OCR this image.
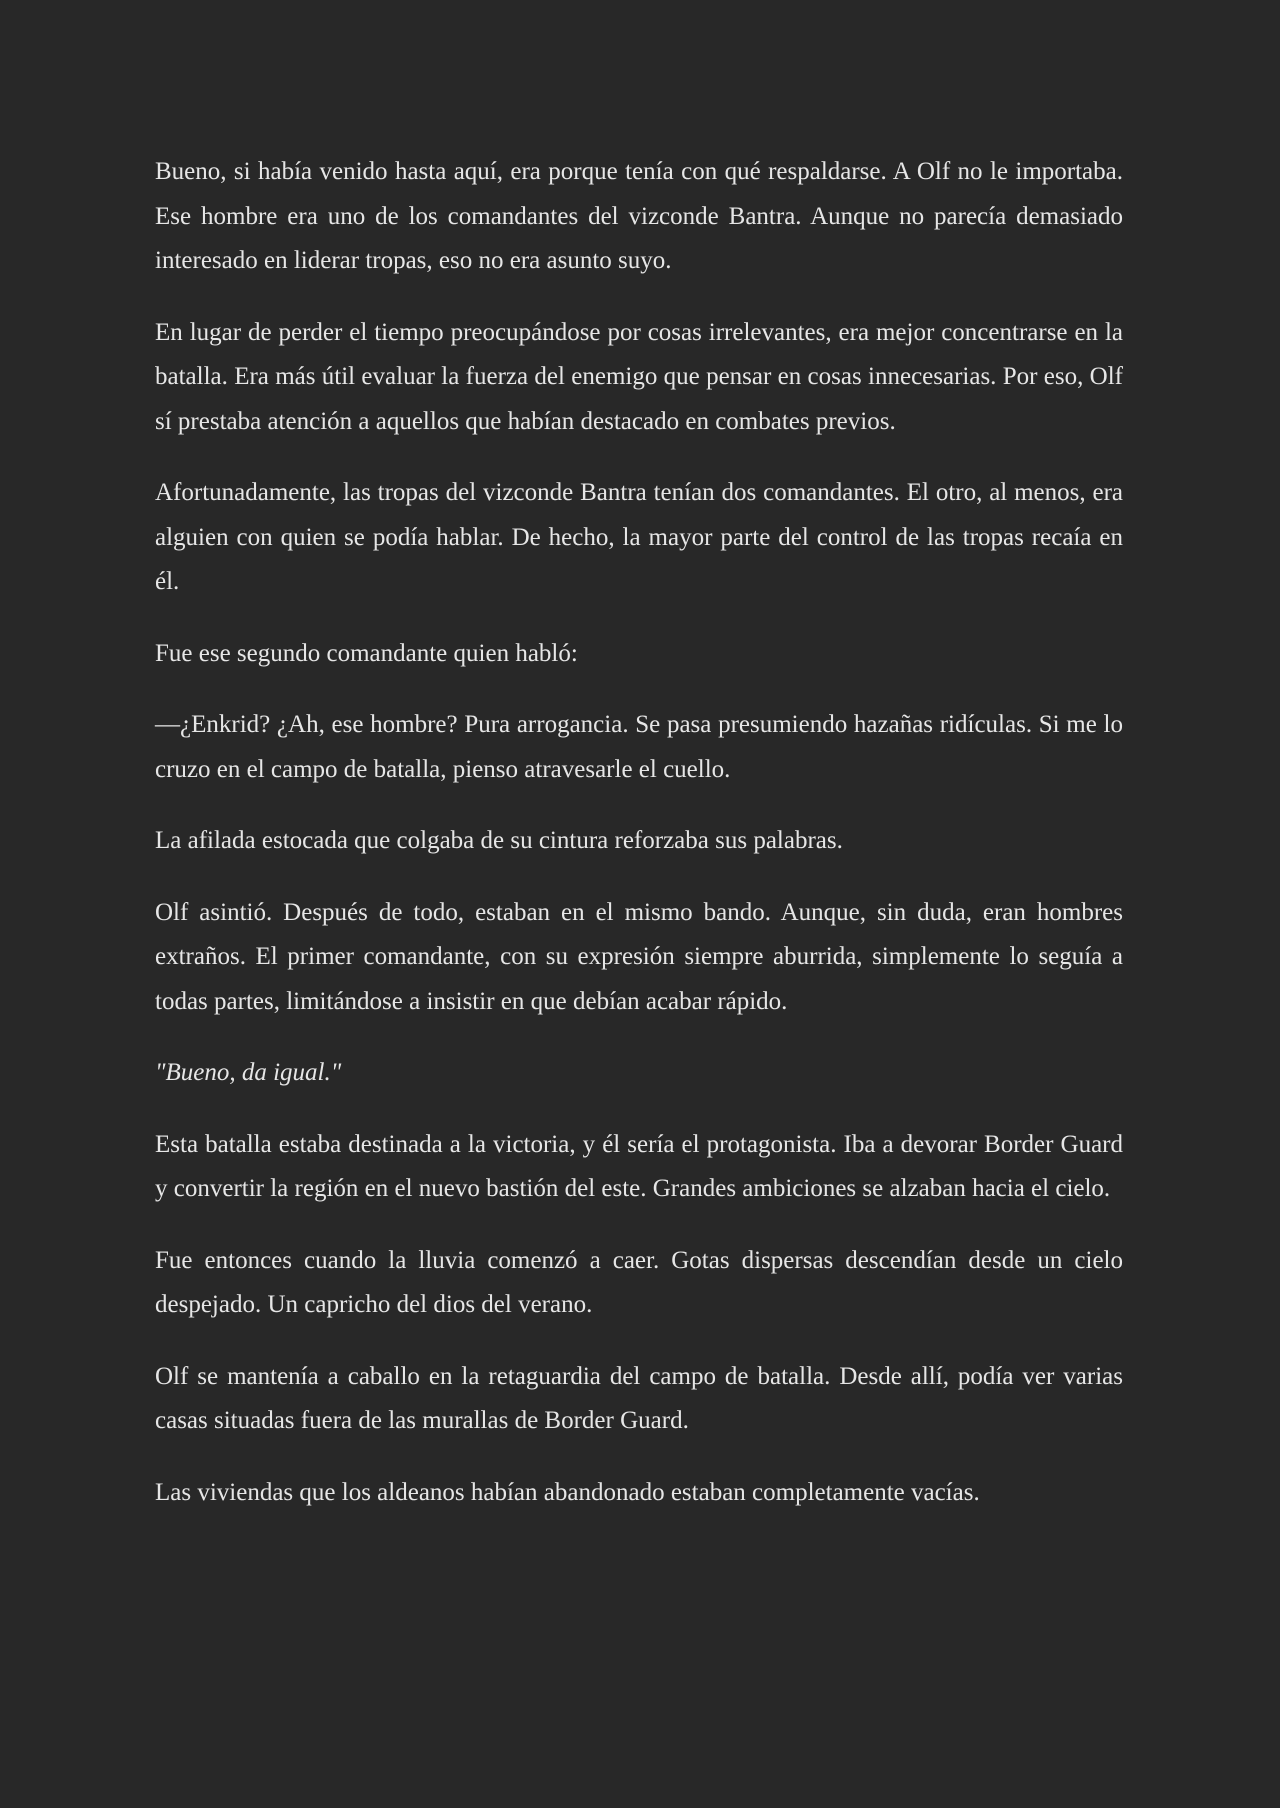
Bueno, si había venido hasta aquí, era porque tenía con qué respaldarse. A Olf no le importaba. Ese hombre era uno de los comandantes del vizconde Bantra. Aunque no parecía demasiado interesado en liderar tropas, eso no era asunto suyo.

En lugar de perder el tiempo preocupándose por cosas irrelevantes, era mejor concentrarse en la batalla. Era más útil evaluar la fuerza del enemigo que pensar en cosas innecesarias. Por eso, Olf sí prestaba atención a aquellos que habían destacado en combates previos.

Afortunadamente, las tropas del vizconde Bantra tenían dos comandantes. El otro, al menos, era alguien con quien se podía hablar. De hecho, la mayor parte del control de las tropas recaía en él.

Fue ese segundo comandante quien habló:

—¿Enkrid? ¿Ah, ese hombre? Pura arrogancia. Se pasa presumiendo hazañas ridículas. Si me lo cruzo en el campo de batalla, pienso atravesarle el cuello.

La afilada estocada que colgaba de su cintura reforzaba sus palabras.

Olf asintió. Después de todo, estaban en el mismo bando. Aunque, sin duda, eran hombres extraños. El primer comandante, con su expresión siempre aburrida, simplemente lo seguía a todas partes, limitándose a insistir en que debían acabar rápido.

"Bueno, da igual."

Esta batalla estaba destinada a la victoria, y él sería el protagonista. Iba a devorar Border Guard y convertir la región en el nuevo bastión del este. Grandes ambiciones se alzaban hacia el cielo.

Fue entonces cuando la lluvia comenzó a caer. Gotas dispersas descendían desde un cielo despejado. Un capricho del dios del verano.

Olf se mantenía a caballo en la retaguardia del campo de batalla. Desde allí, podía ver varias casas situadas fuera de las murallas de Border Guard.

Las viviendas que los aldeanos habían abandonado estaban completamente vacías.
